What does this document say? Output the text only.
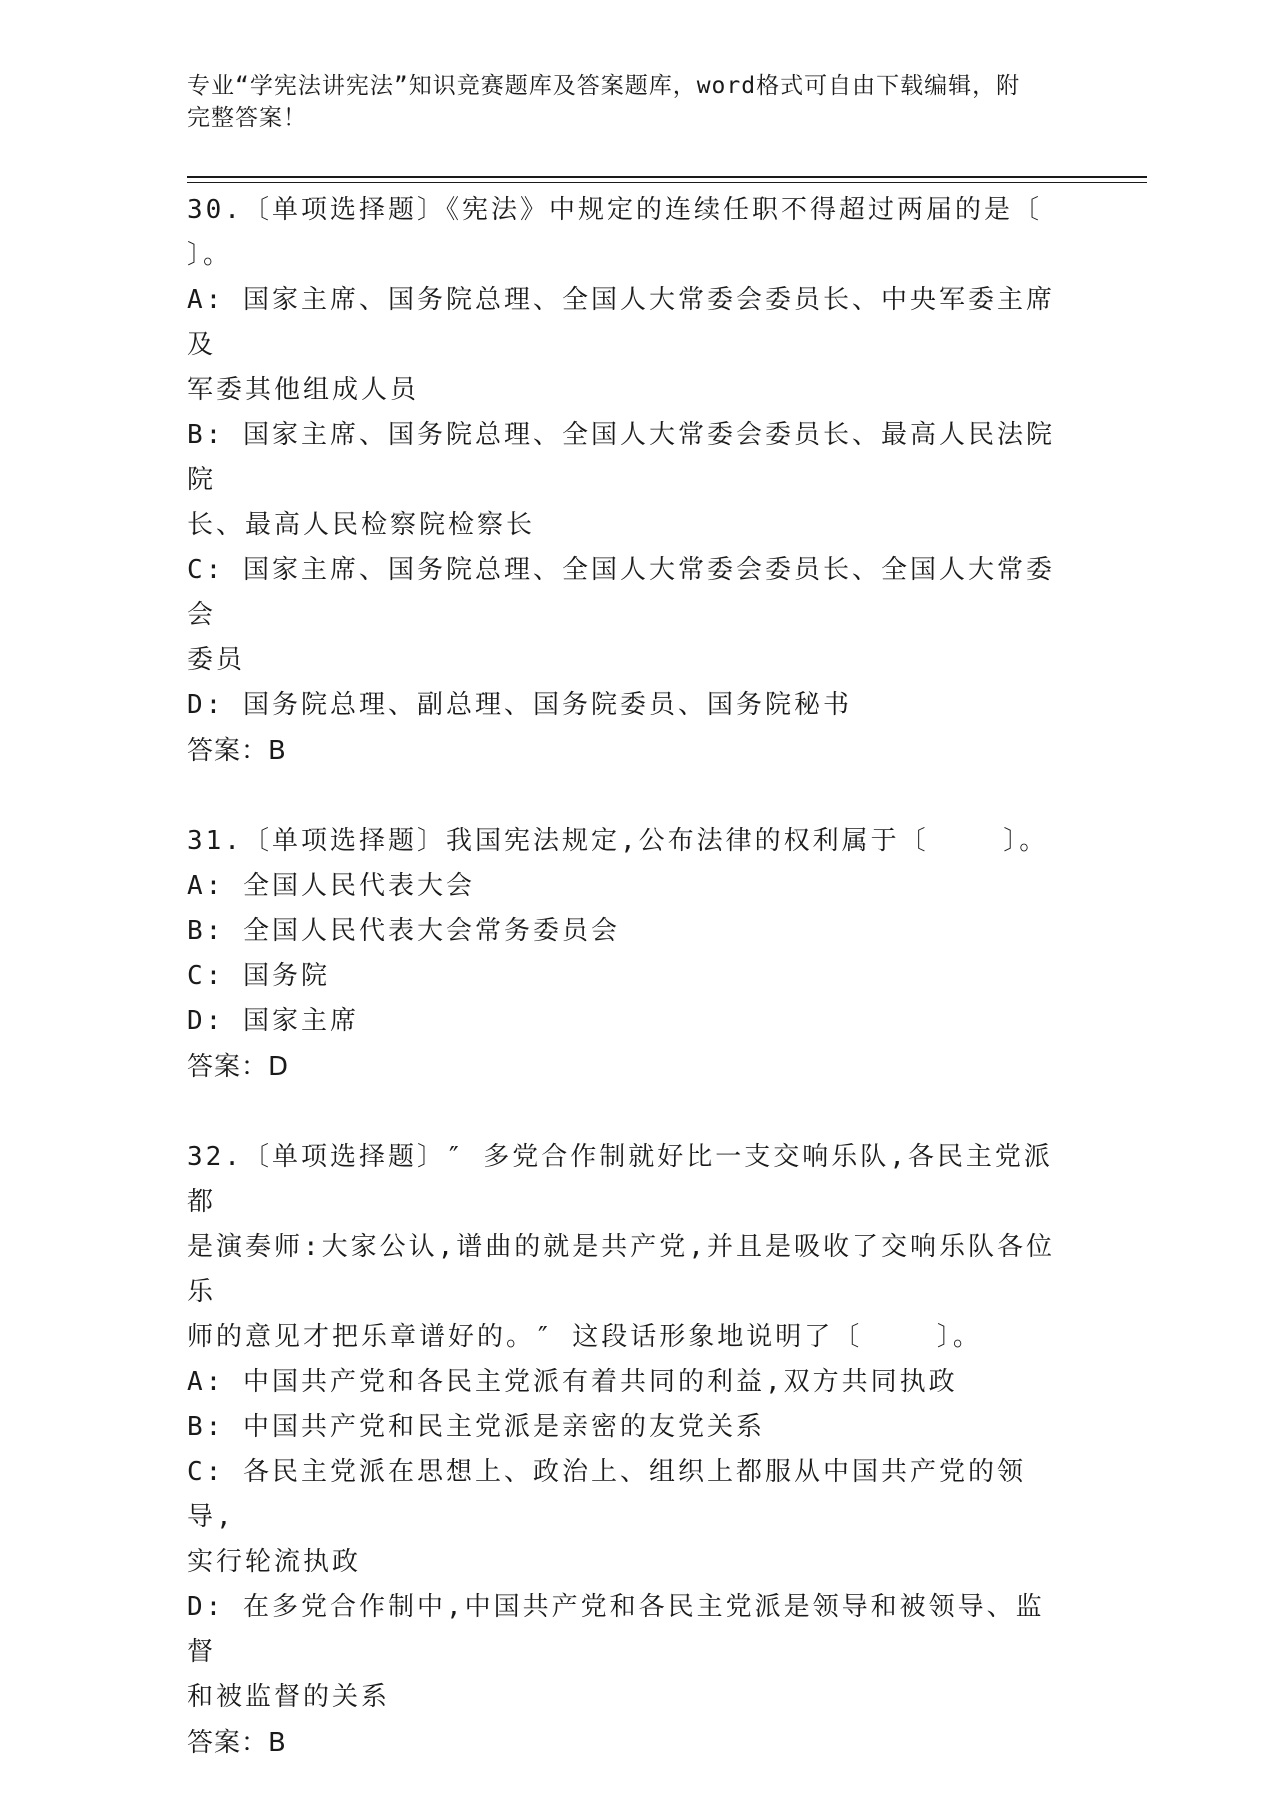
专业“学宪法讲宪法”知识竞赛题库及答案题库，word格式可自由下载编辑，附
完整答案！
30.〔单项选择题〕《宪法》中规定的连续任职不得超过两届的是〔
〕。
A: 国家主席、国务院总理、全国人大常委会委员长、中央军委主席及
军委其他组成人员
B: 国家主席、国务院总理、全国人大常委会委员长、最高人民法院院
长、最高人民检察院检察长
C: 国家主席、国务院总理、全国人大常委会委员长、全国人大常委会
委员
D: 国务院总理、副总理、国务院委员、国务院秘书
答案：B
31.〔单项选择题〕我国宪法规定,公布法律的权利属于〔    〕。
A: 全国人民代表大会
B: 全国人民代表大会常务委员会
C: 国务院
D: 国家主席
答案：D
32.〔单项选择题〕″ 多党合作制就好比一支交响乐队,各民主党派都
是演奏师:大家公认,谱曲的就是共产党,并且是吸收了交响乐队各位乐
师的意见才把乐章谱好的。″ 这段话形象地说明了〔    〕。
A: 中国共产党和各民主党派有着共同的利益,双方共同执政
B: 中国共产党和民主党派是亲密的友党关系
C: 各民主党派在思想上、政治上、组织上都服从中国共产党的领导,
实行轮流执政
D: 在多党合作制中,中国共产党和各民主党派是领导和被领导、监督
和被监督的关系
答案：B
